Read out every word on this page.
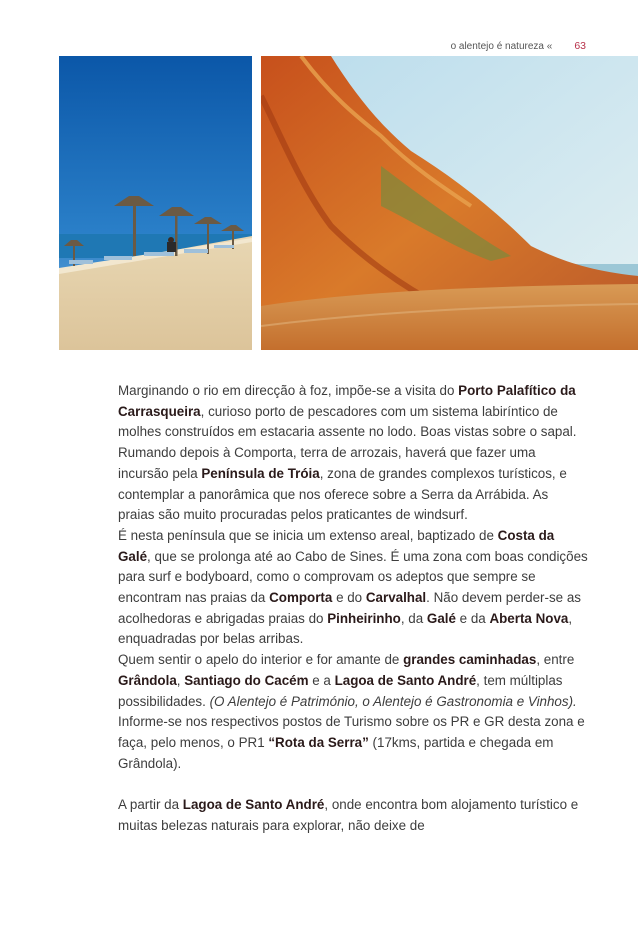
o alentejo é natureza « 63

Marginando o rio em direcção à foz, impõe-se a visita do Porto Palafítico da Carrasqueira, curioso porto de pescadores com um sistema labiríntico de molhes construídos em estacaria assente no lodo. Boas vistas sobre o sapal.

Rumando depois à Comporta, terra de arrozais, haverá que fazer uma incursão pela Península de Tróia, zona de grandes complexos turísticos, e contemplar a panorâmica que nos oferece sobre a Serra da Arrábida. As praias são muito procuradas pelos praticantes de windsurf.

É nesta península que se inicia um extenso areal, baptizado de Costa da Galé, que se prolonga até ao Cabo de Sines. É uma zona com boas condições para surf e bodyboard, como o comprovam os adeptos que sempre se encontram nas praias da Comporta e do Carvalhal. Não devem perder-se as acolhedoras e abrigadas praias do Pinheirinho, da Galé e da Aberta Nova, enquadradas por belas arribas.

Quem sentir o apelo do interior e for amante de grandes caminhadas, entre Grândola, Santiago do Cacém e a Lagoa de Santo André, tem múltiplas possibilidades. (O Alentejo é Património, o Alentejo é Gastronomia e Vinhos). Informe-se nos respectivos postos de Turismo sobre os PR e GR desta zona e faça, pelo menos, o PR1 “Rota da Serra” (17kms, partida e chegada em Grândola).

A partir da Lagoa de Santo André, onde encontra bom alojamento turístico e muitas belezas naturais para explorar, não deixe de
